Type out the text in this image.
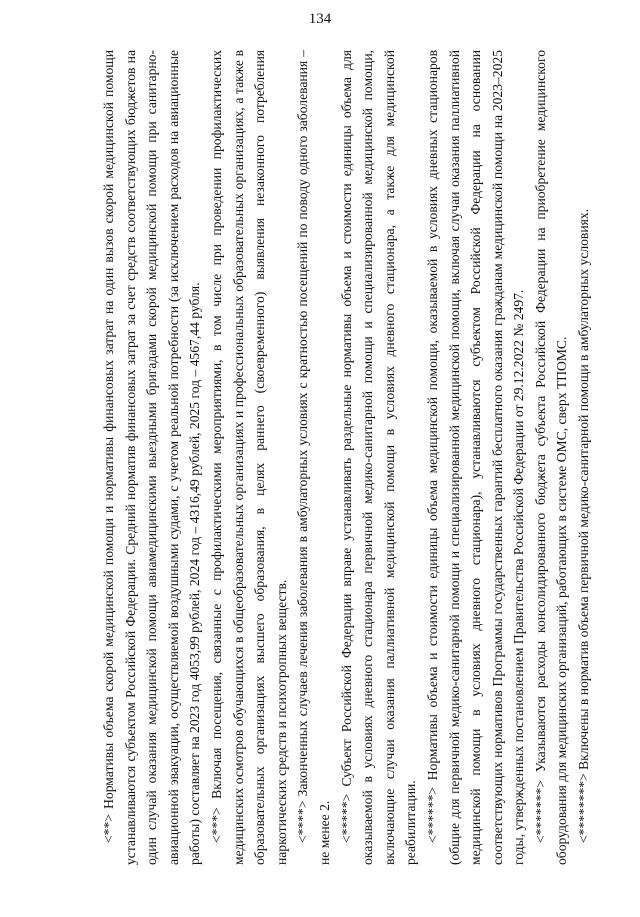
134

<**> Нормативы объема скорой медицинской помощи и нормативы финансовых затрат на один вызов скорой медицинской помощи устанавливаются субъектом Российской Федерации. Средний норматив финансовых затрат за счет средств соответствующих бюджетов на один случай оказания медицинской помощи авиамедицинскими выездными бригадами скорой медицинской помощи при санитарно-авиационной эвакуации, осуществляемой воздушными судами, с учетом реальной потребности (за исключением расходов на авиационные работы) составляет на 2023 год 4053,99 рублей, 2024 год – 4316,49 рублей, 2025 год – 4567,44 рубля. <***> Включая посещения, связанные с профилактическими мероприятиями, в том числе при проведении профилактических медицинских осмотров обучающихся в общеобразовательных организациях и профессиональных образовательных организациях, а также в образовательных организациях высшего образования, в целях раннего (своевременного) выявления незаконного потребления наркотических средств и психотропных веществ. <****> Законченных случаев лечения заболевания в амбулаторных условиях с кратностью посещений по поводу одного заболевания – не менее 2. <*****> Субъект Российской Федерации вправе устанавливать раздельные нормативы объема и стоимости единицы объема для оказываемой в условиях дневного стационара первичной медико-санитарной помощи и специализированной медицинской помощи, включающие случаи оказания паллиативной медицинской помощи в условиях дневного стационара, а также для медицинской реабилитации. <******> Нормативы объема и стоимости единицы объема медицинской помощи, оказываемой в условиях дневных стационаров (общие для первичной медико-санитарной помощи и специализированной медицинской помощи, включая случаи оказания паллиативной медицинской помощи в условиях дневного стационара), устанавливаются субъектом Российской Федерации на основании соответствующих нормативов Программы государственных гарантий бесплатного оказания гражданам медицинской помощи на 2023–2025 годы, утвержденных постановлением Правительства Российской Федерации от 29.12.2022 № 2497. <*******> Указываются расходы консолидированного бюджета субъекта Российской Федерации на приобретение медицинского оборудования для медицинских организаций, работающих в системе ОМС, сверх ТПОМС. <********> Включены в норматив объема первичной медико-санитарной помощи в амбулаторных условиях.
